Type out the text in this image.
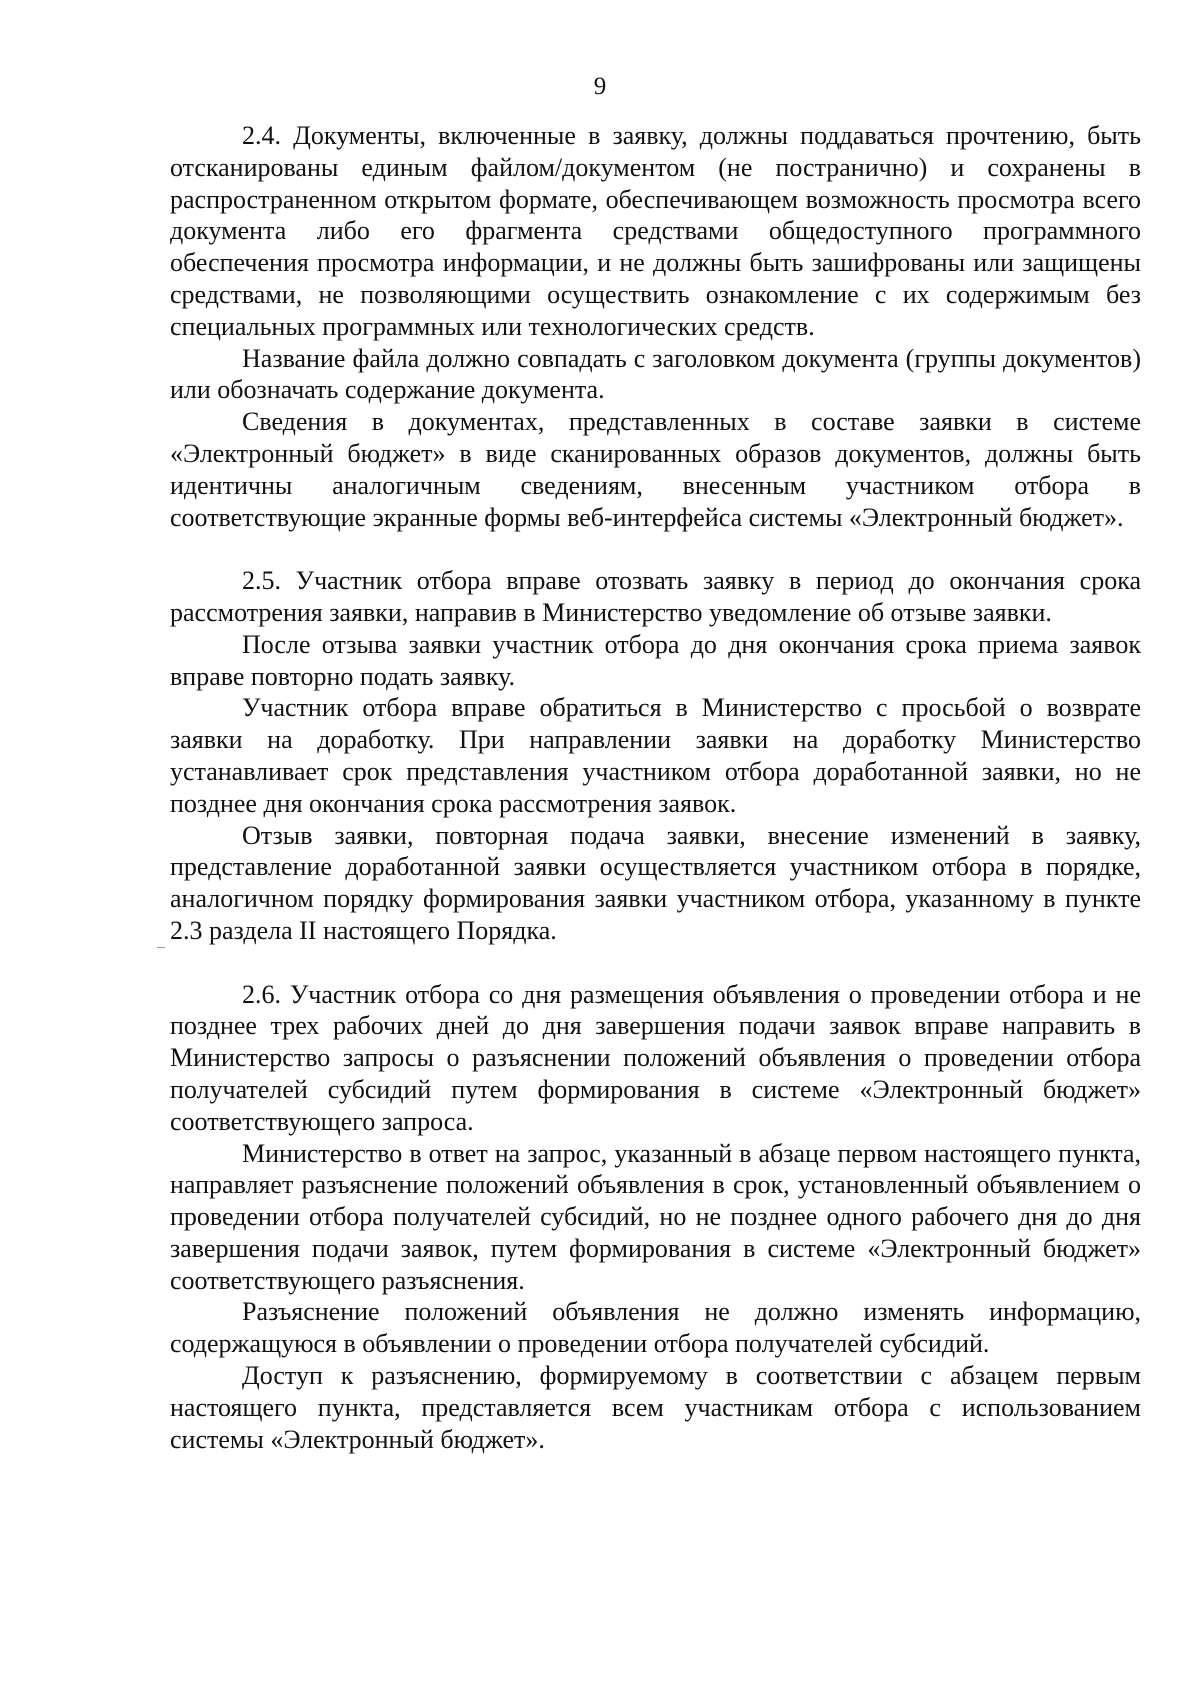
9

2.4. Документы, включенные в заявку, должны поддаваться прочтению, быть отсканированы единым файлом/документом (не постранично) и сохранены в распространенном открытом формате, обеспечивающем возможность просмотра всего документа либо его фрагмента средствами общедоступного программного обеспечения просмотра информации, и не должны быть зашифрованы или защищены средствами, не позволяющими осуществить ознакомление с их содержимым без специальных программных или технологических средств.

Название файла должно совпадать с заголовком документа (группы документов) или обозначать содержание документа.

Сведения в документах, представленных в составе заявки в системе «Электронный бюджет» в виде сканированных образов документов, должны быть идентичны аналогичным сведениям, внесенным участником отбора в соответствующие экранные формы веб-интерфейса системы «Электронный бюджет».

2.5. Участник отбора вправе отозвать заявку в период до окончания срока рассмотрения заявки, направив в Министерство уведомление об отзыве заявки.

После отзыва заявки участник отбора до дня окончания срока приема заявок вправе повторно подать заявку.

Участник отбора вправе обратиться в Министерство с просьбой о возврате заявки на доработку. При направлении заявки на доработку Министерство устанавливает срок представления участником отбора доработанной заявки, но не позднее дня окончания срока рассмотрения заявок.

Отзыв заявки, повторная подача заявки, внесение изменений в заявку, представление доработанной заявки осуществляется участником отбора в порядке, аналогичном порядку формирования заявки участником отбора, указанному в пункте 2.3 раздела II настоящего Порядка.

2.6. Участник отбора со дня размещения объявления о проведении отбора и не позднее трех рабочих дней до дня завершения подачи заявок вправе направить в Министерство запросы о разъяснении положений объявления о проведении отбора получателей субсидий путем формирования в системе «Электронный бюджет» соответствующего запроса.

Министерство в ответ на запрос, указанный в абзаце первом настоящего пункта, направляет разъяснение положений объявления в срок, установленный объявлением о проведении отбора получателей субсидий, но не позднее одного рабочего дня до дня завершения подачи заявок, путем формирования в системе «Электронный бюджет» соответствующего разъяснения.

Разъяснение положений объявления не должно изменять информацию, содержащуюся в объявлении о проведении отбора получателей субсидий.

Доступ к разъяснению, формируемому в соответствии с абзацем первым настоящего пункта, представляется всем участникам отбора с использованием системы «Электронный бюджет».
